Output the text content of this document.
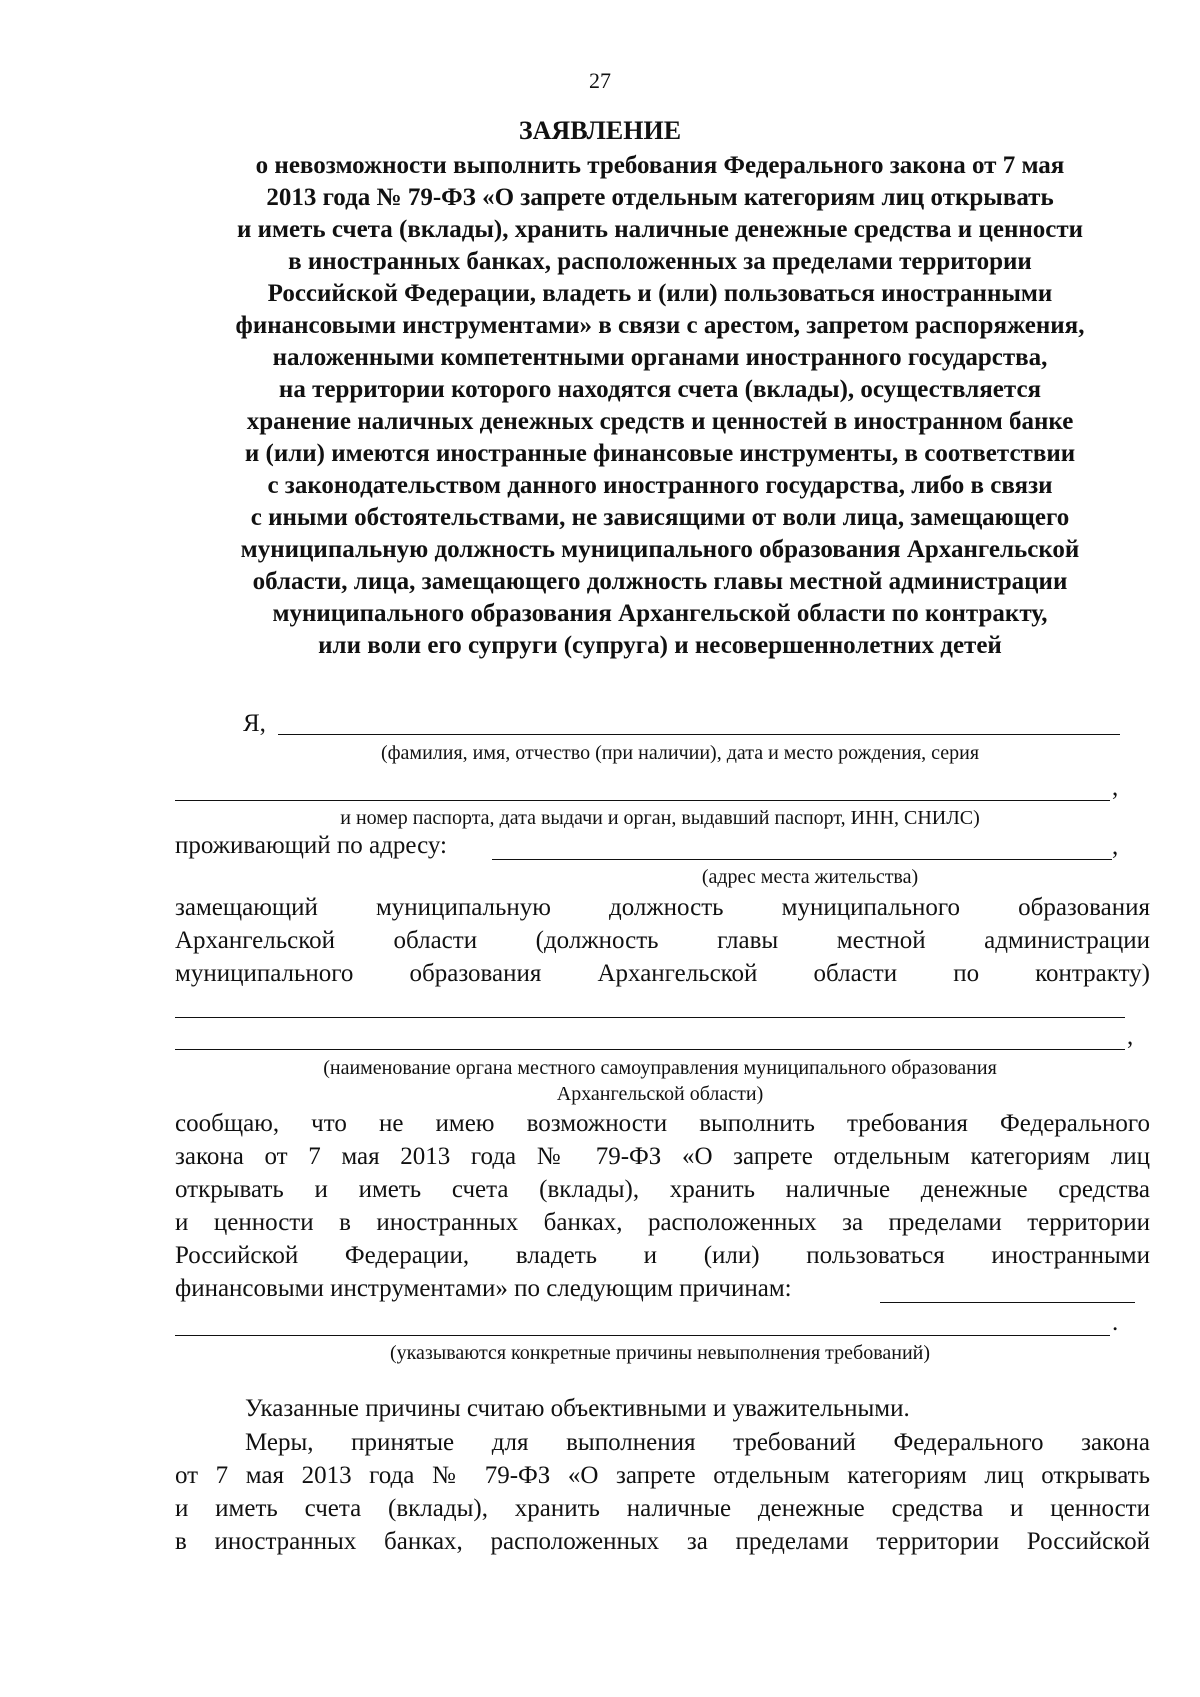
27
ЗАЯВЛЕНИЕ
о невозможности выполнить требования Федерального закона от 7 мая
2013 года № 79-ФЗ «О запрете отдельным категориям лиц открывать
и иметь счета (вклады), хранить наличные денежные средства и ценности
в иностранных банках, расположенных за пределами территории
Российской Федерации, владеть и (или) пользоваться иностранными
финансовыми инструментами» в связи с арестом, запретом распоряжения,
наложенными компетентными органами иностранного государства,
на территории которого находятся счета (вклады), осуществляется
хранение наличных денежных средств и ценностей в иностранном банке
и (или) имеются иностранные финансовые инструменты, в соответствии
с законодательством данного иностранного государства, либо в связи
с иными обстоятельствами, не зависящими от воли лица, замещающего
муниципальную должность муниципального образования Архангельской
области, лица, замещающего должность главы местной администрации
муниципального образования Архангельской области по контракту,
или воли его супруги (супруга) и несовершеннолетних детей
Я,
(фамилия, имя, отчество (при наличии), дата и место рождения, серия
,
и номер паспорта, дата выдачи и орган, выдавший паспорт, ИНН, СНИЛС)
проживающий по адресу:	,
(адрес места жительства)
замещающий муниципальную должность муниципального образования
Архангельской области (должность главы местной администрации
муниципального образования Архангельской области по контракту)
,
(наименование органа местного самоуправления муниципального образования
Архангельской области)
сообщаю, что не имею возможности выполнить требования Федерального
закона от 7 мая 2013 года № 79-ФЗ «О запрете отдельным категориям лиц
открывать и иметь счета (вклады), хранить наличные денежные средства
и ценности в иностранных банках, расположенных за пределами территории
Российской Федерации, владеть и (или) пользоваться иностранными
финансовыми инструментами» по следующим причинам:
.
(указываются конкретные причины невыполнения требований)
Указанные причины считаю объективными и уважительными.
Меры, принятые для выполнения требований Федерального закона
от 7 мая 2013 года № 79-ФЗ «О запрете отдельным категориям лиц открывать
и иметь счета (вклады), хранить наличные денежные средства и ценности
в иностранных банках, расположенных за пределами территории Российской
